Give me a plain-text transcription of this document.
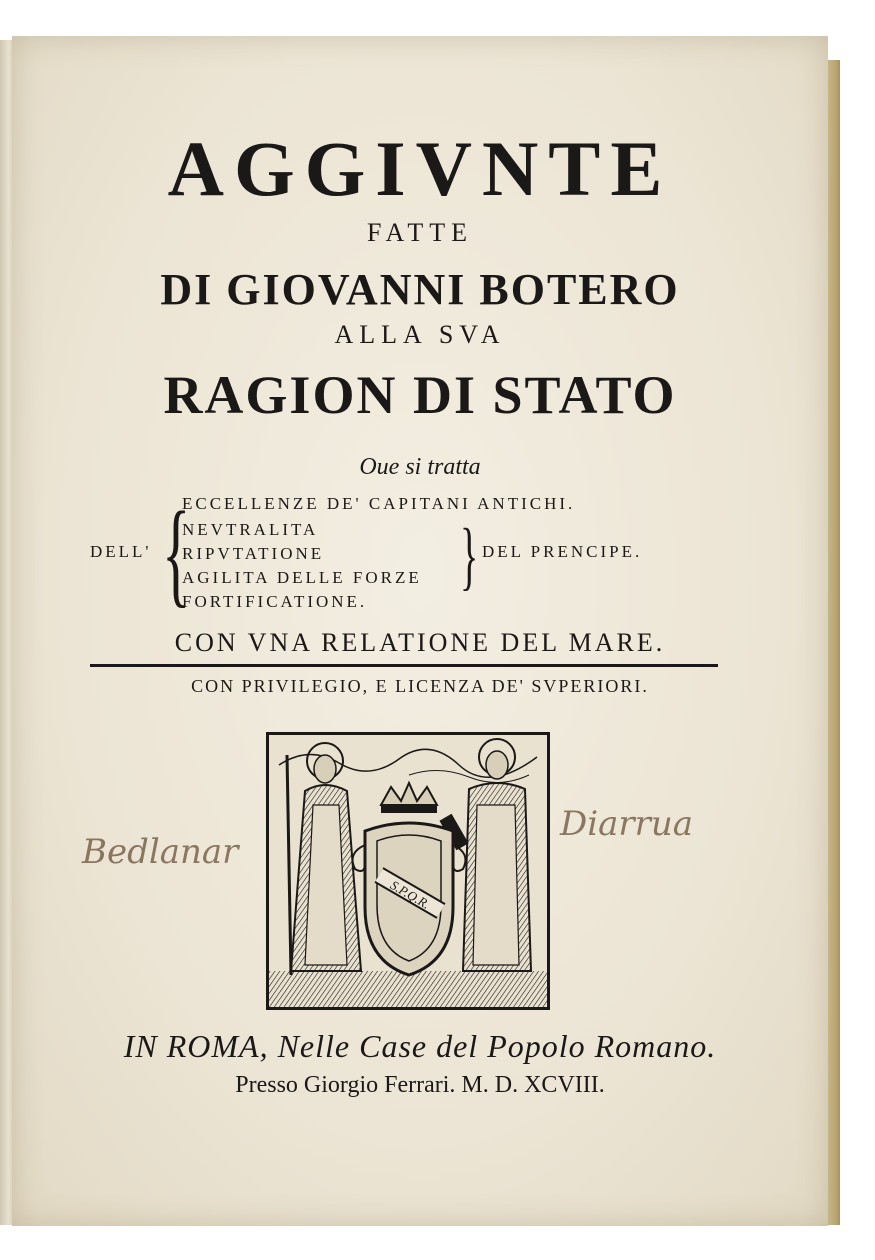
AGGIVNTE
FATTE
DI GIOVANNI BOTERO
ALLA SVA
RAGION DI STATO
Oue si tratta
DELL' {
ECCELLENZE DE' CAPITANI ANTICHI.
NEVTRALITA
RIPVTATIONE
AGILITA DELLE FORZE
FORTIFICATIONE.
} DEL PRENCIPE.
CON VNA RELATIONE DEL MARE.
CON PRIVILEGIO, E LICENZA DE' SVPERIORI.
S.P.Q.R.
Bedlanar
Diarrua
IN ROMA, Nelle Case del Popolo Romano.
Presso Giorgio Ferrari. M. D. XCVIII.
